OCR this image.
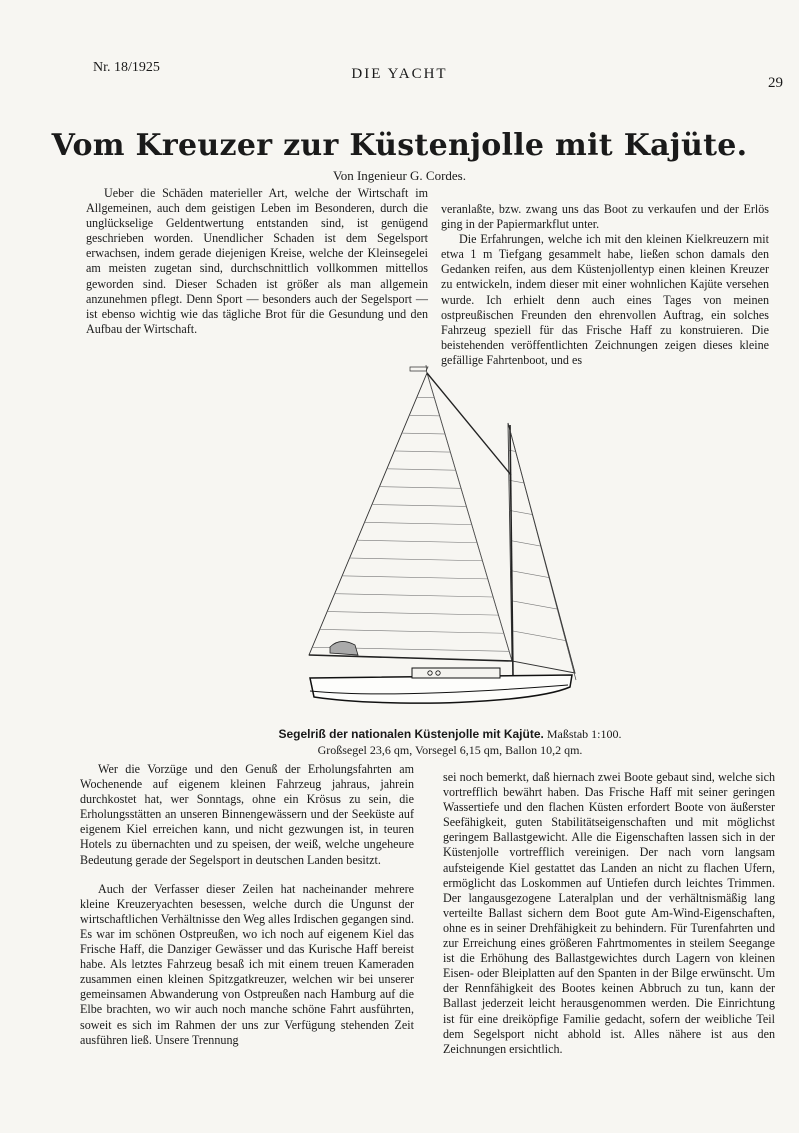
Nr. 18/1925	DIE YACHT
29
Vom Kreuzer zur Küstenjolle mit Kajüte.
Von Ingenieur G. Cordes.

Ueber die Schäden materieller Art, welche der Wirtschaft im Allgemeinen, auch dem geistigen Leben im Besonderen, durch die unglückselige Geldentwertung entstanden sind, ist genügend geschrieben worden. Unendlicher Schaden ist dem Segelsport erwachsen, indem gerade diejenigen Kreise, welche der Kleinsegelei am meisten zugetan sind, durchschnittlich vollkommen mittellos geworden sind. Dieser Schaden ist größer als man allgemein anzunehmen pflegt. Denn Sport — besonders auch der Segelsport — ist ebenso wichtig wie das tägliche Brot für die Gesundung und den Aufbau der Wirtschaft.

veranlaßte, bzw. zwang uns das Boot zu verkaufen und der Erlös ging in der Papiermarkflut unter.

Die Erfahrungen, welche ich mit den kleinen Kielkreuzern mit etwa 1 m Tiefgang gesammelt habe, ließen schon damals den Gedanken reifen, aus dem Küstenjollentyp einen kleinen Kreuzer zu entwickeln, indem dieser mit einer wohnlichen Kajüte versehen wurde. Ich erhielt denn auch eines Tages von meinen ostpreußischen Freunden den ehrenvollen Auftrag, ein solches Fahrzeug speziell für das Frische Haff zu konstruieren. Die beistehenden veröffentlichten Zeichnungen zeigen dieses kleine gefällige Fahrtenboot, und es

Segelriß der nationalen Küstenjolle mit Kajüte. Maßstab 1:100.
Großsegel 23,6 qm, Vorsegel 6,15 qm, Ballon 10,2 qm.

Wer die Vorzüge und den Genuß der Erholungsfahrten am Wochenende auf eigenem kleinen Fahrzeug jahraus, jahrein durchkostet hat, wer Sonntags, ohne ein Krösus zu sein, die Erholungsstätten an unseren Binnengewässern und der Seeküste auf eigenem Kiel erreichen kann, und nicht gezwungen ist, in teuren Hotels zu übernachten und zu speisen, der weiß, welche ungeheure Bedeutung gerade der Segelsport in deutschen Landen besitzt.

Auch der Verfasser dieser Zeilen hat nacheinander mehrere kleine Kreuzeryachten besessen, welche durch die Ungunst der wirtschaftlichen Verhältnisse den Weg alles Irdischen gegangen sind. Es war im schönen Ostpreußen, wo ich noch auf eigenem Kiel das Frische Haff, die Danziger Gewässer und das Kurische Haff bereist habe. Als letztes Fahrzeug besaß ich mit einem treuen Kameraden zusammen einen kleinen Spitzgatkreuzer, welchen wir bei unserer gemeinsamen Abwanderung von Ostpreußen nach Hamburg auf die Elbe brachten, wo wir auch noch manche schöne Fahrt ausführten, soweit es sich im Rahmen der uns zur Verfügung stehenden Zeit ausführen ließ. Unsere Trennung

sei noch bemerkt, daß hiernach zwei Boote gebaut sind, welche sich vortrefflich bewährt haben. Das Frische Haff mit seiner geringen Wassertiefe und den flachen Küsten erfordert Boote von äußerster Seefähigkeit, guten Stabilitätseigenschaften und mit möglichst geringem Ballastgewicht. Alle die Eigenschaften lassen sich in der Küstenjolle vortrefflich vereinigen. Der nach vorn langsam aufsteigende Kiel gestattet das Landen an nicht zu flachen Ufern, ermöglicht das Loskommen auf Untiefen durch leichtes Trimmen. Der langausgezogene Lateralplan und der verhältnismäßig lang verteilte Ballast sichern dem Boot gute Am-Wind-Eigenschaften, ohne es in seiner Drehfähigkeit zu behindern. Für Turenfahrten und zur Erreichung eines größeren Fahrtmomentes in steilem Seegange ist die Erhöhung des Ballastgewichtes durch Lagern von kleinen Eisen- oder Bleiplatten auf den Spanten in der Bilge erwünscht. Um der Rennfähigkeit des Bootes keinen Abbruch zu tun, kann der Ballast jederzeit leicht herausgenommen werden. Die Einrichtung ist für eine dreiköpfige Familie gedacht, sofern der weibliche Teil dem Segelsport nicht abhold ist. Alles nähere ist aus den Zeichnungen ersichtlich.
